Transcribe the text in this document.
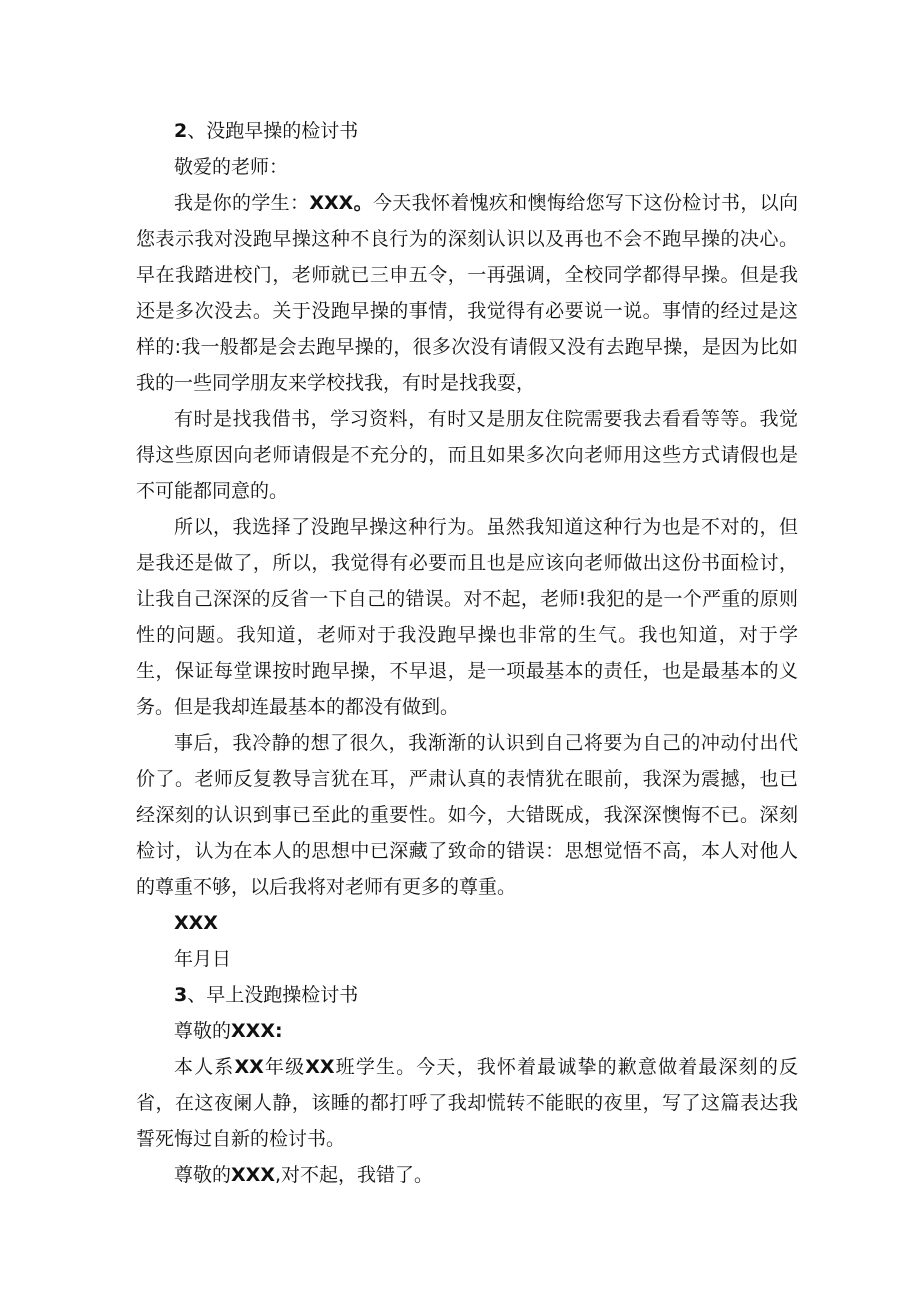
2、没跑早操的检讨书

敬爱的老师：

我是你的学生：XXX。今天我怀着愧疚和懊悔给您写下这份检讨书，以向您表示我对没跑早操这种不良行为的深刻认识以及再也不会不跑早操的决心。早在我踏进校门，老师就已三申五令，一再强调，全校同学都得早操。但是我还是多次没去。关于没跑早操的事情，我觉得有必要说一说。事情的经过是这样的:我一般都是会去跑早操的，很多次没有请假又没有去跑早操，是因为比如我的一些同学朋友来学校找我，有时是找我耍，

有时是找我借书，学习资料，有时又是朋友住院需要我去看看等等。我觉得这些原因向老师请假是不充分的，而且如果多次向老师用这些方式请假也是不可能都同意的。

所以，我选择了没跑早操这种行为。虽然我知道这种行为也是不对的，但是我还是做了，所以，我觉得有必要而且也是应该向老师做出这份书面检讨，让我自己深深的反省一下自己的错误。对不起，老师!我犯的是一个严重的原则性的问题。我知道，老师对于我没跑早操也非常的生气。我也知道，对于学生，保证每堂课按时跑早操，不早退，是一项最基本的责任，也是最基本的义务。但是我却连最基本的都没有做到。

事后，我冷静的想了很久，我渐渐的认识到自己将要为自己的冲动付出代价了。老师反复教导言犹在耳，严肃认真的表情犹在眼前，我深为震撼，也已经深刻的认识到事已至此的重要性。如今，大错既成，我深深懊悔不已。深刻检讨，认为在本人的思想中已深藏了致命的错误：思想觉悟不高，本人对他人的尊重不够，以后我将对老师有更多的尊重。

XXX

年月日

3、早上没跑操检讨书

尊敬的XXX:

本人系XX年级XX班学生。今天，我怀着最诚挚的歉意做着最深刻的反省，在这夜阑人静，该睡的都打呼了我却慌转不能眠的夜里，写了这篇表达我誓死悔过自新的检讨书。

尊敬的XXX,对不起，我错了。
